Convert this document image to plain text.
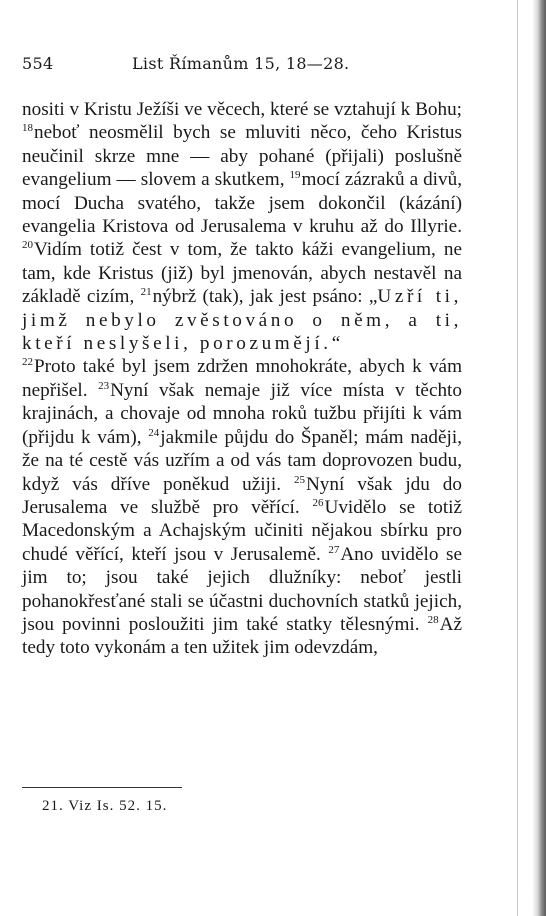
554	List Římanům 15, 18—28.

nositi v Kristu Ježíši ve věcech, které se vztahují k Bohu; $^{18}$neboť neosmělil bych se mluviti něco, čeho Kristus neučinil skrze mne — aby pohané (přijali) poslušně evangelium — slovem a skutkem, $^{19}$mocí zázraků a divů, mocí Ducha svatého, takže jsem dokončil (kázání) evangelia Kristova od Jerusalema v kruhu až do Illyrie. $^{20}$Vidím totiž čest v tom, že takto káži evangelium, ne tam, kde Kristus (již) byl jmenován, abych nestavěl na základě cizím, $^{21}$nýbrž (tak), jak jest psáno: „Uzří ti, jimž nebylo zvěstováno o něm, a ti, kteří neslyšeli, porozumějí.“

$^{22}$Proto také byl jsem zdržen mnohokráte, abych k vám nepřišel. $^{23}$Nyní však nemaje již více místa v těchto krajinách, a chovaje od mnoha roků tužbu přijíti k vám (přijdu k vám), $^{24}$jakmile půjdu do Španěl; mám naději, že na té cestě vás uzřím a od vás tam doprovozen budu, když vás dříve poněkud užiji. $^{25}$Nyní však jdu do Jerusalema ve službě pro věřící. $^{26}$Uvidělo se totiž Macedonským a Achajským učiniti nějakou sbírku pro chudé věřící, kteří jsou v Jerusalemě. $^{27}$Ano uvidělo se jim to; jsou také jejich dlužníky: neboť jestli pohanokřesťané stali se účastni duchovních statků jejich, jsou povinni posloužiti jim také statky tělesnými. $^{28}$Až tedy toto vykonám a ten užitek jim odevzdám,

21. Viz Is. 52. 15.
